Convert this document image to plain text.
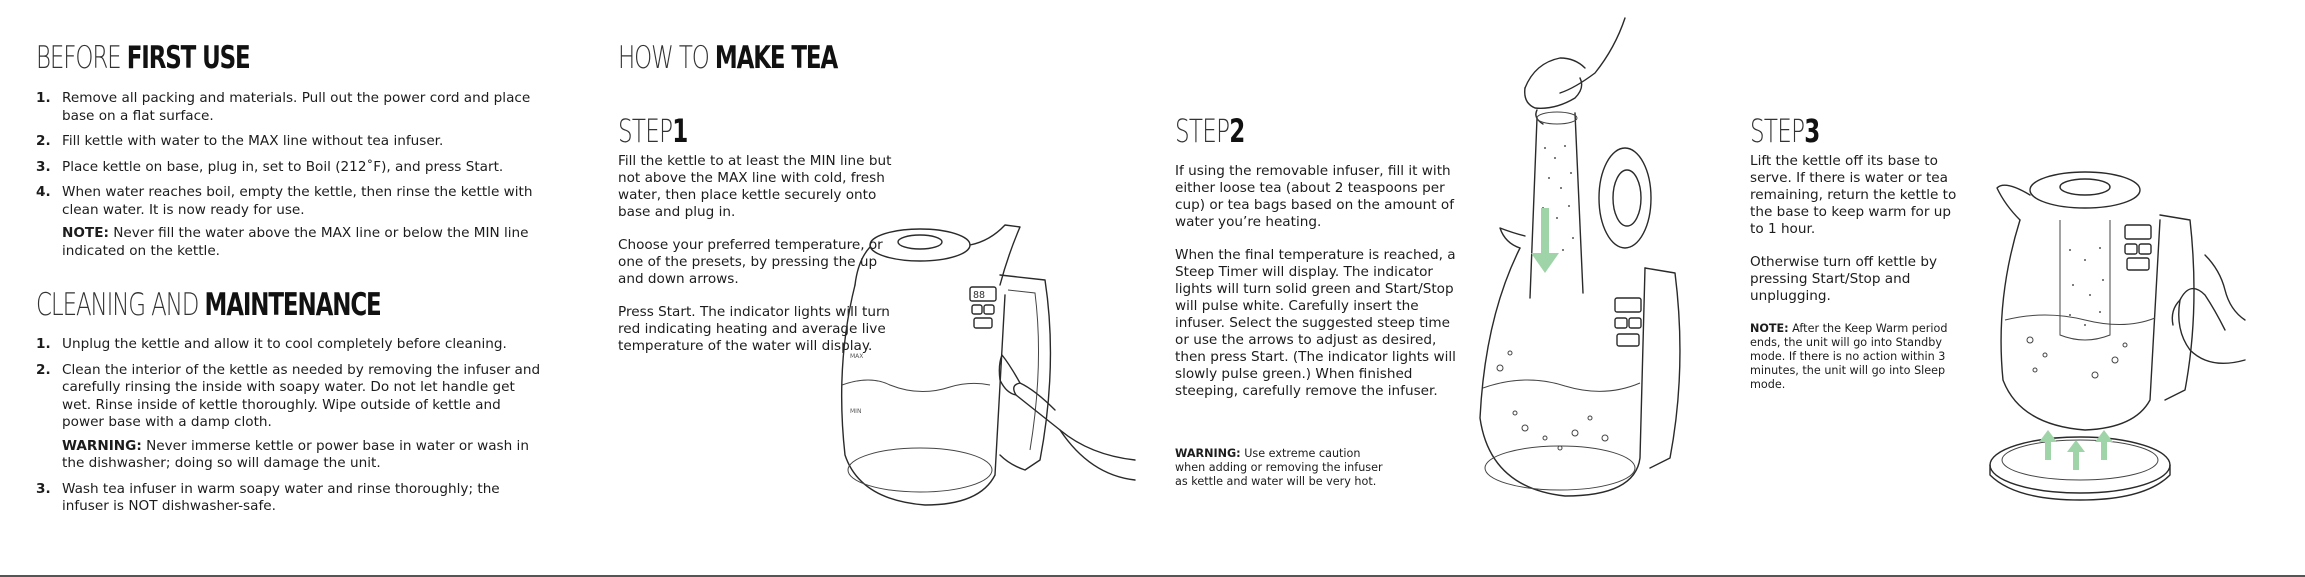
BEFORE FIRST USE
1. Remove all packing and materials. Pull out the power cord and place base on a flat surface.
2. Fill kettle with water to the MAX line without tea infuser.
3. Place kettle on base, plug in, set to Boil (212˚F), and press Start.
4. When water reaches boil, empty the kettle, then rinse the kettle with clean water. It is now ready for use.
NOTE: Never fill the water above the MAX line or below the MIN line indicated on the kettle.
CLEANING AND MAINTENANCE
1. Unplug the kettle and allow it to cool completely before cleaning.
2. Clean the interior of the kettle as needed by removing the infuser and carefully rinsing the inside with soapy water. Do not let handle get wet. Rinse inside of kettle thoroughly. Wipe outside of kettle and power base with a damp cloth.
WARNING: Never immerse kettle or power base in water or wash in the dishwasher; doing so will damage the unit.
3. Wash tea infuser in warm soapy water and rinse thoroughly; the infuser is NOT dishwasher-safe.
HOW TO MAKE TEA
STEP1

Fill the kettle to at least the MIN line but not above the MAX line with cold, fresh water, then place kettle securely onto base and plug in.

Choose your preferred temperature, or one of the presets, by pressing the up and down arrows.

Press Start. The indicator lights will turn red indicating heating and average live temperature of the water will display.

MAX
MIN
88
STEP2

If using the removable infuser, fill it with either loose tea (about 2 teaspoons per cup) or tea bags based on the amount of water you’re heating.

When the final temperature is reached, a Steep Timer will display. The indicator lights will turn solid green and Start/Stop will pulse white. Carefully insert the infuser. Select the suggested steep time or use the arrows to adjust as desired, then press Start. (The indicator lights will slowly pulse green.) When finished steeping, carefully remove the infuser.

WARNING: Use extreme caution when adding or removing the infuser as kettle and water will be very hot.
STEP3

Lift the kettle off its base to serve. If there is water or tea remaining, return the kettle to the base to keep warm for up to 1 hour.

Otherwise turn off kettle by pressing Start/Stop and unplugging.

NOTE: After the Keep Warm period ends, the unit will go into Standby mode. If there is no action within 3 minutes, the unit will go into Sleep mode.
